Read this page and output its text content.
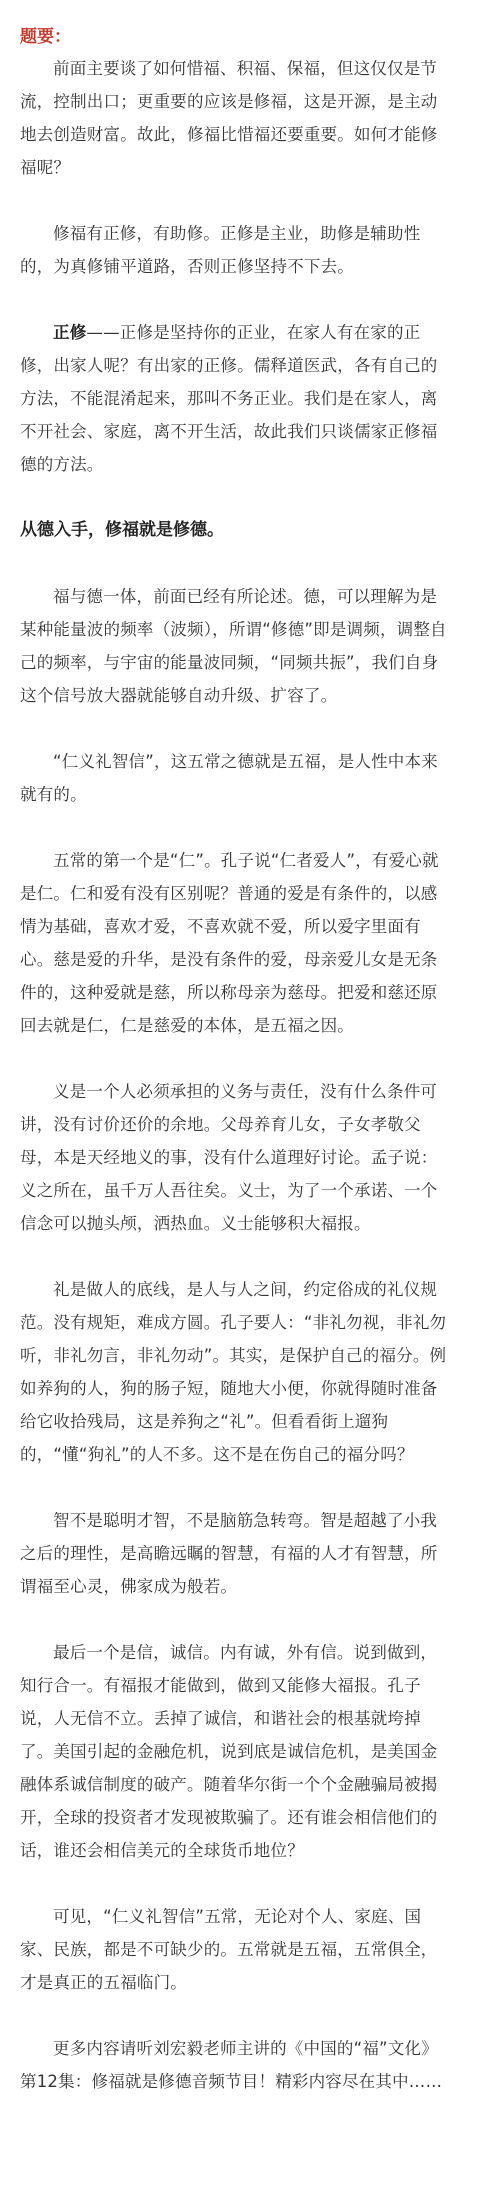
题要：

前面主要谈了如何惜福、积福、保福，但这仅仅是节流，控制出口；更重要的应该是修福，这是开源，是主动地去创造财富。故此，修福比惜福还要重要。如何才能修福呢？

修福有正修，有助修。正修是主业，助修是辅助性的，为真修铺平道路，否则正修坚持不下去。

正修——正修是坚持你的正业，在家人有在家的正修，出家人呢？有出家的正修。儒释道医武，各有自己的方法，不能混淆起来，那叫不务正业。我们是在家人，离不开社会、家庭，离不开生活，故此我们只谈儒家正修福德的方法。

从德入手，修福就是修德。

福与德一体，前面已经有所论述。德，可以理解为是某种能量波的频率（波频），所谓“修德”即是调频，调整自己的频率，与宇宙的能量波同频，“同频共振”，我们自身这个信号放大器就能够自动升级、扩容了。

“仁义礼智信”，这五常之德就是五福，是人性中本来就有的。

五常的第一个是“仁”。孔子说“仁者爱人”，有爱心就是仁。仁和爱有没有区别呢？普通的爱是有条件的，以感情为基础，喜欢才爱，不喜欢就不爱，所以爱字里面有心。慈是爱的升华，是没有条件的爱，母亲爱儿女是无条件的，这种爱就是慈，所以称母亲为慈母。把爱和慈还原回去就是仁，仁是慈爱的本体，是五福之因。

义是一个人必须承担的义务与责任，没有什么条件可讲，没有讨价还价的余地。父母养育儿女，子女孝敬父母，本是天经地义的事，没有什么道理好讨论。孟子说：义之所在，虽千万人吾往矣。义士，为了一个承诺、一个信念可以抛头颅，洒热血。义士能够积大福报。

礼是做人的底线，是人与人之间，约定俗成的礼仪规范。没有规矩，难成方圆。孔子要人：“非礼勿视，非礼勿听，非礼勿言，非礼勿动”。其实，是保护自己的福分。例如养狗的人，狗的肠子短，随地大小便，你就得随时准备给它收拾残局，这是养狗之“礼”。但看看街上遛狗的，“懂“狗礼”的人不多。这不是在伤自己的福分吗？

智不是聪明才智，不是脑筋急转弯。智是超越了小我之后的理性，是高瞻远瞩的智慧，有福的人才有智慧，所谓福至心灵，佛家成为般若。

最后一个是信，诚信。内有诚，外有信。说到做到，知行合一。有福报才能做到，做到又能修大福报。孔子说，人无信不立。丢掉了诚信，和谐社会的根基就垮掉了。美国引起的金融危机，说到底是诚信危机，是美国金融体系诚信制度的破产。随着华尔街一个个金融骗局被揭开，全球的投资者才发现被欺骗了。还有谁会相信他们的话，谁还会相信美元的全球货币地位？

可见，“仁义礼智信”五常，无论对个人、家庭、国家、民族，都是不可缺少的。五常就是五福，五常俱全，才是真正的五福临门。

更多内容请听刘宏毅老师主讲的《中国的“福”文化》第12集：修福就是修德音频节目！精彩内容尽在其中……
